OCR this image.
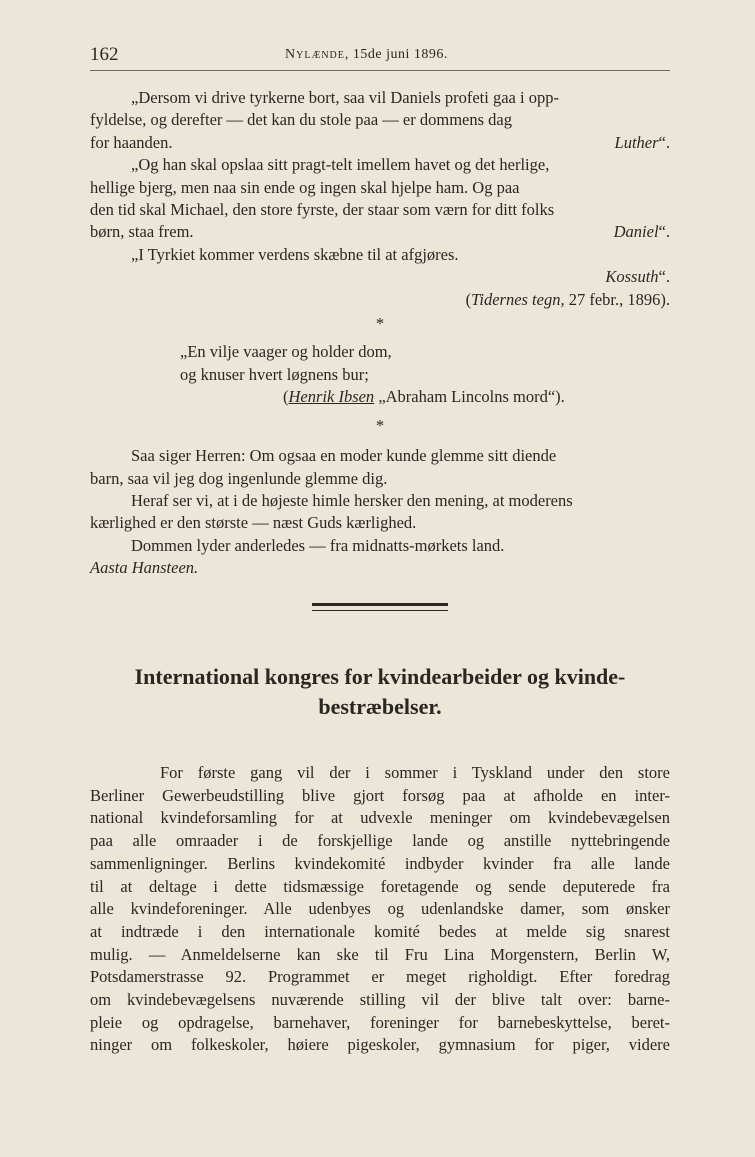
162	Nylænde, 15de juni 1896.

„Dersom vi drive tyrkerne bort, saa vil Daniels profeti gaa i opp-

fyldelse, og derefter — det kan du stole paa — er dommens dag

for haanden.	Luther“.

„Og han skal opslaa sitt pragt-telt imellem havet og det herlige,

hellige bjerg, men naa sin ende og ingen skal hjelpe ham. Og paa

den tid skal Michael, den store fyrste, der staar som værn for ditt folks

børn, staa frem.	Daniel“.

„I Tyrkiet kommer verdens skæbne til at afgjøres.

Kossuth“.

(Tidernes tegn, 27 febr., 1896).

*

„En vilje vaager og holder dom,
og knuser hvert løgnens bur;
(Henrik Ibsen „Abraham Lincolns mord“).

*

Saa siger Herren: Om ogsaa en moder kunde glemme sitt diende

barn, saa vil jeg dog ingenlunde glemme dig.

Heraf ser vi, at i de højeste himle hersker den mening, at moderens

kærlighed er den største — næst Guds kærlighed.

Dommen lyder anderledes — fra midnatts-mørkets land.

Aasta Hansteen.

International kongres for kvindearbeider og kvinde-
bestræbelser.

For første gang vil der i sommer i Tyskland under den store

Berliner Gewerbeudstilling blive gjort forsøg paa at afholde en inter-

national kvindeforsamling for at udvexle meninger om kvindebevægelsen

paa alle omraader i de forskjellige lande og anstille nyttebringende

sammenligninger. Berlins kvindekomité indbyder kvinder fra alle lande

til at deltage i dette tidsmæssige foretagende og sende deputerede fra

alle kvindeforeninger. Alle udenbyes og udenlandske damer, som ønsker

at indtræde i den internationale komité bedes at melde sig snarest

mulig. — Anmeldelserne kan ske til Fru Lina Morgenstern, Berlin W,

Potsdamerstrasse 92. Programmet er meget righoldigt. Efter foredrag

om kvindebevægelsens nuværende stilling vil der blive talt over: barne-

pleie og opdragelse, barnehaver, foreninger for barnebeskyttelse, beret-

ninger om folkeskoler, høiere pigeskoler, gymnasium for piger, videre
